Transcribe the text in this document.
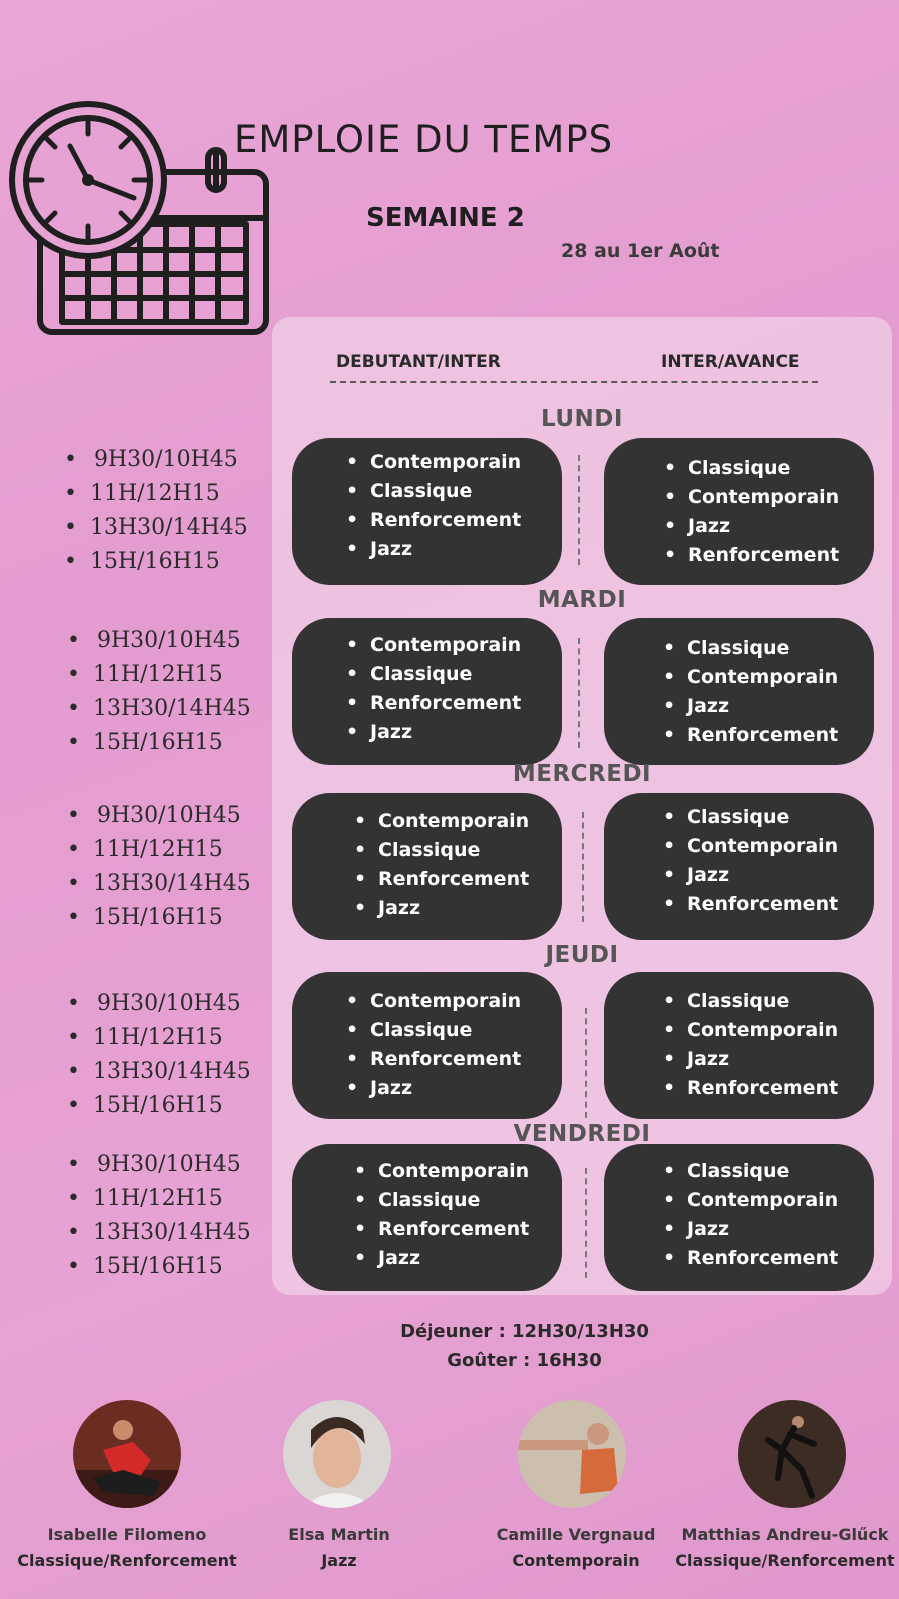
EMPLOIE DU TEMPS
SEMAINE 2
28 au 1er Août
DEBUTANT/INTER	INTER/AVANCE
LUNDI
• 9H30/10H45
• 11H/12H15
• 13H30/14H45
• 15H/16H15
• Contemporain
• Classique
• Renforcement
• Jazz
• Classique
• Contemporain
• Jazz
• Renforcement
MARDI
• 9H30/10H45
• 11H/12H15
• 13H30/14H45
• 15H/16H15
• Contemporain
• Classique
• Renforcement
• Jazz
• Classique
• Contemporain
• Jazz
• Renforcement
MERCREDI
• 9H30/10H45
• 11H/12H15
• 13H30/14H45
• 15H/16H15
• Contemporain
• Classique
• Renforcement
• Jazz
• Classique
• Contemporain
• Jazz
• Renforcement
JEUDI
• 9H30/10H45
• 11H/12H15
• 13H30/14H45
• 15H/16H15
• Contemporain
• Classique
• Renforcement
• Jazz
• Classique
• Contemporain
• Jazz
• Renforcement
VENDREDI
• 9H30/10H45
• 11H/12H15
• 13H30/14H45
• 15H/16H15
• Contemporain
• Classique
• Renforcement
• Jazz
• Classique
• Contemporain
• Jazz
• Renforcement
Déjeuner : 12H30/13H30
Goûter : 16H30
Isabelle Filomeno
Classique/Renforcement
Elsa Martin
Jazz
Camille Vergnaud
Contemporain
Matthias Andreu-Glűck
Classique/Renforcement
